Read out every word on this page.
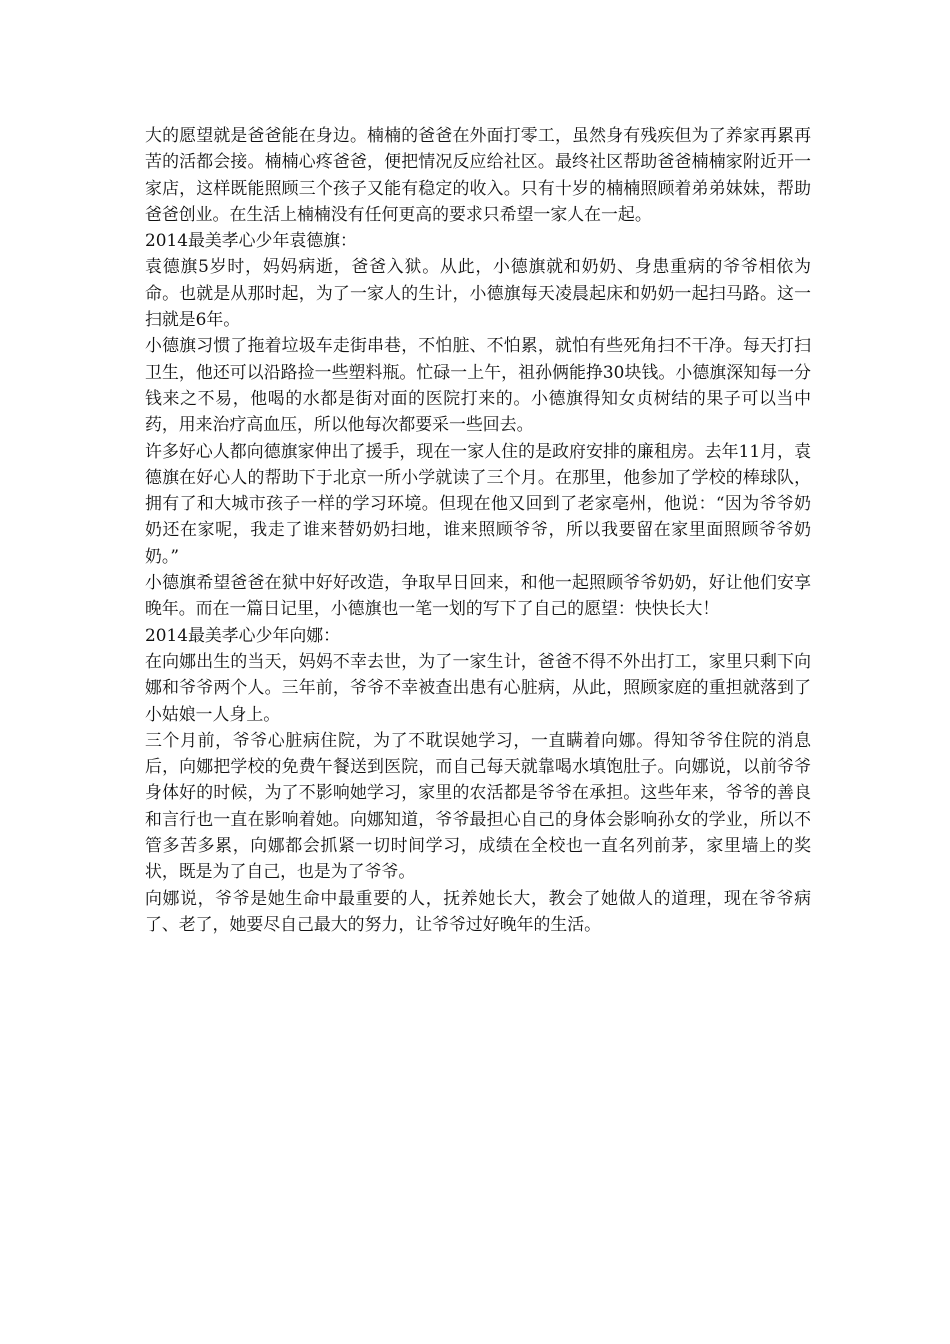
大的愿望就是爸爸能在身边。楠楠的爸爸在外面打零工，虽然身有残疾但为了养家再累再苦的活都会接。楠楠心疼爸爸，便把情况反应给社区。最终社区帮助爸爸楠楠家附近开一家店，这样既能照顾三个孩子又能有稳定的收入。只有十岁的楠楠照顾着弟弟妹妹，帮助爸爸创业。在生活上楠楠没有任何更高的要求只希望一家人在一起。

2014最美孝心少年袁德旗：

袁德旗5岁时，妈妈病逝，爸爸入狱。从此，小德旗就和奶奶、身患重病的爷爷相依为命。也就是从那时起，为了一家人的生计，小德旗每天凌晨起床和奶奶一起扫马路。这一扫就是6年。

小德旗习惯了拖着垃圾车走街串巷，不怕脏、不怕累，就怕有些死角扫不干净。每天打扫卫生，他还可以沿路捡一些塑料瓶。忙碌一上午，祖孙俩能挣30块钱。小德旗深知每一分钱来之不易，他喝的水都是街对面的医院打来的。小德旗得知女贞树结的果子可以当中药，用来治疗高血压，所以他每次都要采一些回去。

许多好心人都向德旗家伸出了援手，现在一家人住的是政府安排的廉租房。去年11月，袁德旗在好心人的帮助下于北京一所小学就读了三个月。在那里，他参加了学校的棒球队，拥有了和大城市孩子一样的学习环境。但现在他又回到了老家亳州，他说：“因为爷爷奶奶还在家呢，我走了谁来替奶奶扫地，谁来照顾爷爷，所以我要留在家里面照顾爷爷奶奶。”

小德旗希望爸爸在狱中好好改造，争取早日回来，和他一起照顾爷爷奶奶，好让他们安享晚年。而在一篇日记里，小德旗也一笔一划的写下了自己的愿望：快快长大！

2014最美孝心少年向娜：

在向娜出生的当天，妈妈不幸去世，为了一家生计，爸爸不得不外出打工，家里只剩下向娜和爷爷两个人。三年前，爷爷不幸被查出患有心脏病，从此，照顾家庭的重担就落到了小姑娘一人身上。

三个月前，爷爷心脏病住院，为了不耽误她学习，一直瞒着向娜。得知爷爷住院的消息后，向娜把学校的免费午餐送到医院，而自己每天就靠喝水填饱肚子。向娜说，以前爷爷身体好的时候，为了不影响她学习，家里的农活都是爷爷在承担。这些年来，爷爷的善良和言行也一直在影响着她。向娜知道，爷爷最担心自己的身体会影响孙女的学业，所以不管多苦多累，向娜都会抓紧一切时间学习，成绩在全校也一直名列前茅，家里墙上的奖状，既是为了自己，也是为了爷爷。

向娜说，爷爷是她生命中最重要的人，抚养她长大，教会了她做人的道理，现在爷爷病了、老了，她要尽自己最大的努力，让爷爷过好晚年的生活。
